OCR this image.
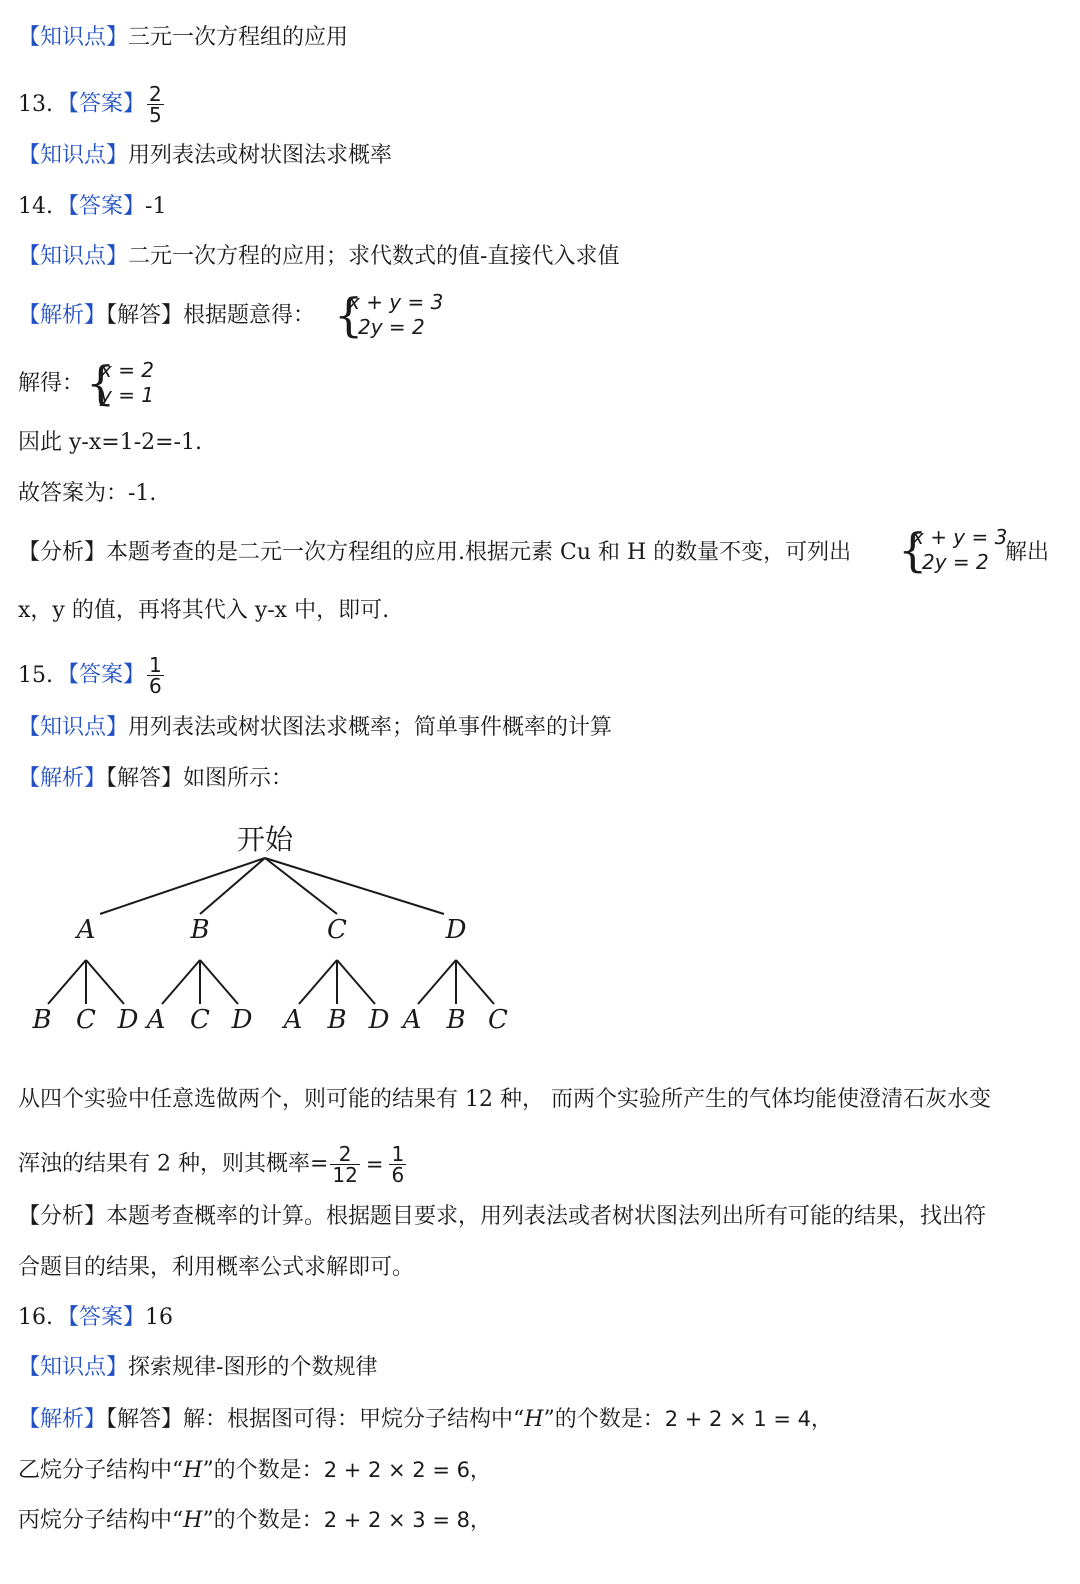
【知识点】三元一次方程组的应用
13. 【答案】 $\frac{2}{5}$
【知识点】用列表法或树状图法求概率
14. 【答案】-1
【知识点】二元一次方程的应用；求代数式的值-直接代入求值
【解析】【解答】根据题意得： {
x + y = 3
2y = 2
解得： {
x = 2
y = 1
因此 y-x=1-2=-1.
故答案为：-1.
【分析】本题考查的是二元一次方程组的应用.根据元素 Cu 和 H 的数量不变，可列出 {
x + y = 3
2y = 2 解出
x，y 的值，再将其代入 y-x 中，即可.
15. 【答案】 $\frac{1}{6}$
【知识点】用列表法或树状图法求概率；简单事件概率的计算
【解析】【解答】如图所示：
开始
A
B C D
B
A C D
C
A B D
D
A B C
从四个实验中任意选做两个，则可能的结果有 12 种， 而两个实验所产生的气体均能使澄清石灰水变
浑浊的结果有 2 种，则其概率= $\frac{2}{12} = \frac{1}{6}$
【分析】本题考查概率的计算。根据题目要求，用列表法或者树状图法列出所有可能的结果，找出符
合题目的结果，利用概率公式求解即可。
16. 【答案】16
【知识点】探索规律-图形的个数规律
【解析】【解答】解：根据图可得：甲烷分子结构中“H”的个数是：2 + 2 × 1 = 4，
乙烷分子结构中“H”的个数是：2 + 2 × 2 = 6，
丙烷分子结构中“H”的个数是：2 + 2 × 3 = 8，
